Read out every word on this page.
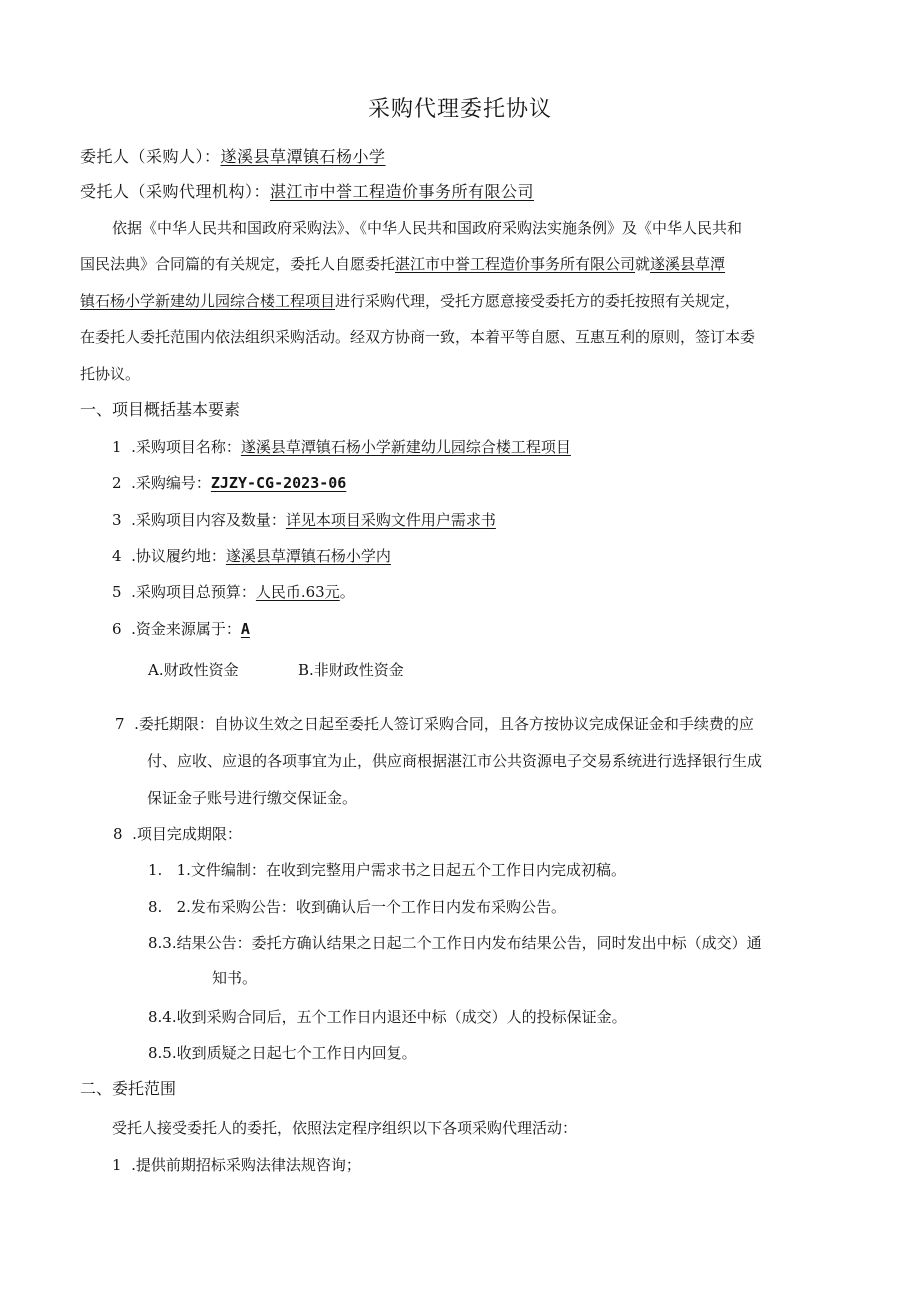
采购代理委托协议
委托人（采购人）：遂溪县草潭镇石杨小学
受托人（采购代理机构）：湛江市中誉工程造价事务所有限公司
依据《中华人民共和国政府采购法》、《中华人民共和国政府采购法实施条例》及《中华人民共和
国民法典》合同篇的有关规定，委托人自愿委托湛江市中誉工程造价事务所有限公司就遂溪县草潭
镇石杨小学新建幼儿园综合楼工程项目进行采购代理，受托方愿意接受委托方的委托按照有关规定，
在委托人委托范围内依法组织采购活动。经双方协商一致，本着平等自愿、互惠互利的原则，签订本委
托协议。
一、项目概括基本要素
1 .采购项目名称：遂溪县草潭镇石杨小学新建幼儿园综合楼工程项目
2 .采购编号：ZJZY-CG-2023-06
3 .采购项目内容及数量：详见本项目采购文件用户需求书
4 .协议履约地：遂溪县草潭镇石杨小学内
5 .采购项目总预算：人民币.63元。
6 .资金来源属于：A
A.财政性资金	B.非财政性资金
7 .委托期限：自协议生效之日起至委托人签订采购合同，且各方按协议完成保证金和手续费的应
付、应收、应退的各项事宜为止，供应商根据湛江市公共资源电子交易系统进行选择银行生成
保证金子账号进行缴交保证金。
8 .项目完成期限：
1. 1.文件编制：在收到完整用户需求书之日起五个工作日内完成初稿。
8. 2.发布采购公告：收到确认后一个工作日内发布采购公告。
8.3.结果公告：委托方确认结果之日起二个工作日内发布结果公告，同时发出中标（成交）通
知书。
8.4.收到采购合同后，五个工作日内退还中标（成交）人的投标保证金。
8.5.收到质疑之日起七个工作日内回复。
二、委托范围
受托人接受委托人的委托，依照法定程序组织以下各项采购代理活动：
1 .提供前期招标采购法律法规咨询；
